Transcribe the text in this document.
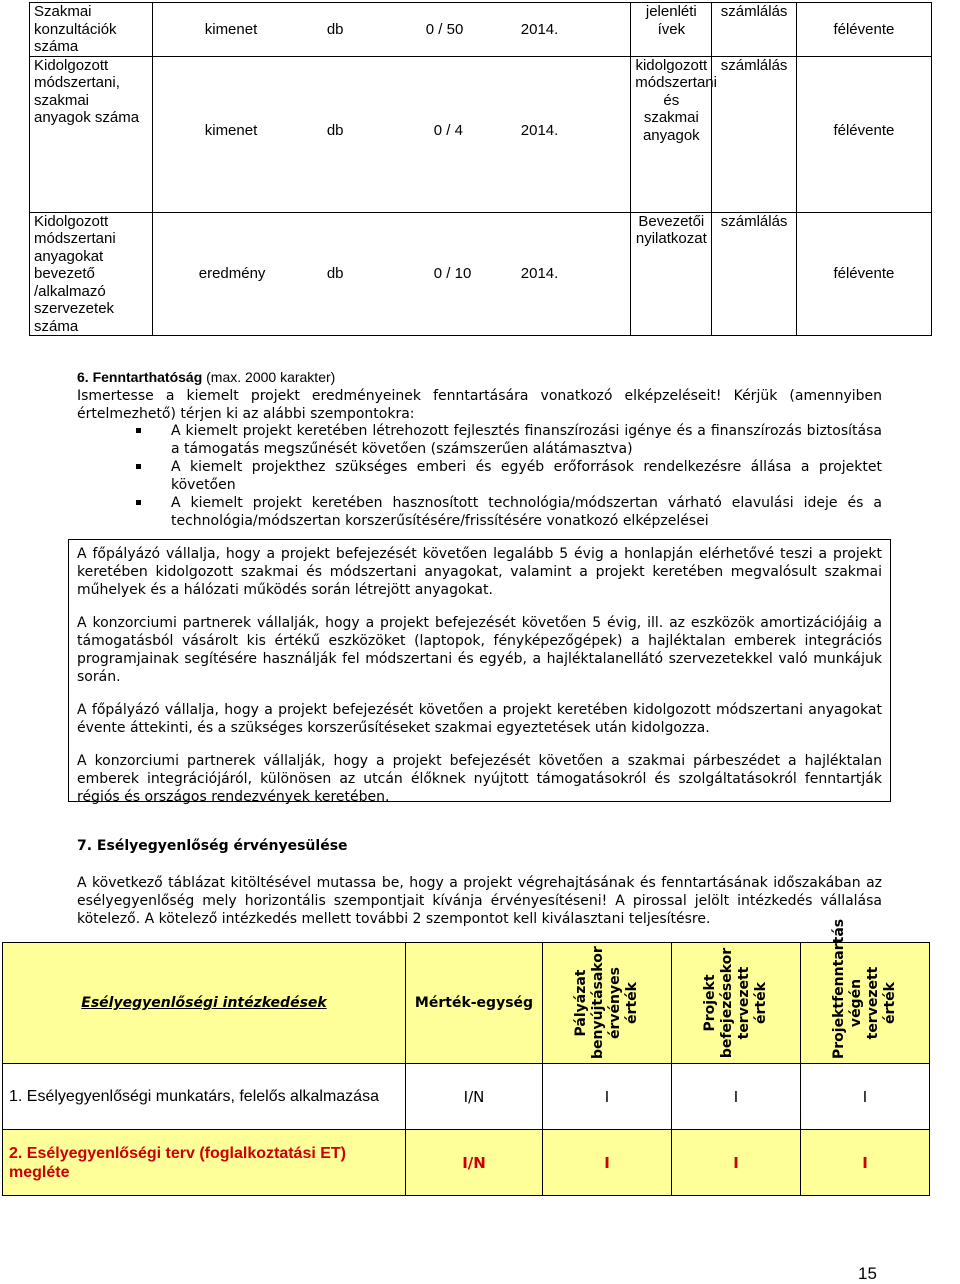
Szakmai konzultációk száma	kimenet	db	0 / 50	2014.	jelenléti ívek	számlálás	félévente

Kidolgozott módszertani, szakmai anyagok száma	kimenet	db	0 / 4	2014.	kidolgozott módszertani és szakmai anyagok	számlálás	félévente

Kidolgozott módszertani anyagokat bevezető /alkalmazó szervezetek száma	eredmény	db	0 / 10	2014.	Bevezetői nyilatkozat	számlálás	félévente
6. Fenntarthatóság (max. 2000 karakter)
Ismertesse a kiemelt projekt eredményeinek fenntartására vonatkozó elképzeléseit! Kérjük (amennyiben értelmezhető) térjen ki az alábbi szempontokra:
A kiemelt projekt keretében létrehozott fejlesztés finanszírozási igénye és a finanszírozás biztosítása a támogatás megszűnését követően (számszerűen alátámasztva)
A kiemelt projekthez szükséges emberi és egyéb erőforrások rendelkezésre állása a projektet követően
A kiemelt projekt keretében hasznosított technológia/módszertan várható elavulási ideje és a technológia/módszertan korszerűsítésére/frissítésére vonatkozó elképzelései

A főpályázó vállalja, hogy a projekt befejezését követően legalább 5 évig a honlapján elérhetővé teszi a projekt keretében kidolgozott szakmai és módszertani anyagokat, valamint a projekt keretében megvalósult szakmai műhelyek és a hálózati működés során létrejött anyagokat.

A konzorciumi partnerek vállalják, hogy a projekt befejezését követően 5 évig, ill. az eszközök amortizációjáig a támogatásból vásárolt kis értékű eszközöket (laptopok, fényképezőgépek) a hajléktalan emberek integrációs programjainak segítésére használják fel módszertani és egyéb, a hajléktalanellátó szervezetekkel való munkájuk során.

A főpályázó vállalja, hogy a projekt befejezését követően a projekt keretében kidolgozott módszertani anyagokat évente áttekinti, és a szükséges korszerűsítéseket szakmai egyeztetések után kidolgozza.

A konzorciumi partnerek vállalják, hogy a projekt befejezését követően a szakmai párbeszédet a hajléktalan emberek integrációjáról, különösen az utcán élőknek nyújtott támogatásokról és szolgáltatásokról fenntartják régiós és országos rendezvények keretében.

7. Esélyegyenlőség érvényesülése
A következő táblázat kitöltésével mutassa be, hogy a projekt végrehajtásának és fenntartásának időszakában az esélyegyenlőség mely horizontális szempontjait kívánja érvényesítéseni! A pirossal jelölt intézkedés vállalása kötelező. A kötelező intézkedés mellett további 2 szempontot kell kiválasztani teljesítésre.
Esélyegyenlőségi intézkedések	Mérték-egység	Pályázat benyújtásakor érvényes érték	Projekt befejezésekor tervezett érték	Projektfenntartás végén tervezett érték

1. Esélyegyenlőségi munkatárs, felelős alkalmazása	I/N	I	I	I
2. Esélyegyenlőségi terv (foglalkoztatási ET) megléte	I/N	I	I	I
15
